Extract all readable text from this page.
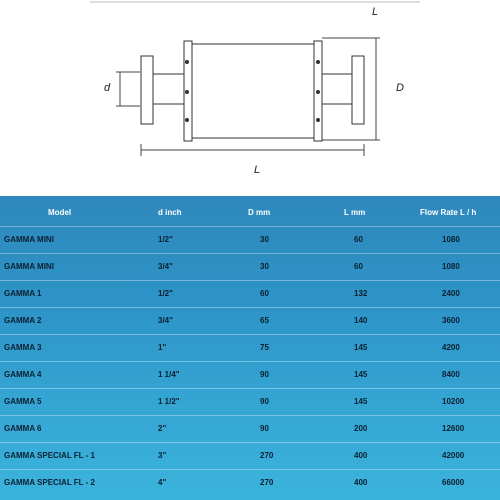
L
d	D
L
Model	d inch	D mm	L mm	Flow Rate L / h
GAMMA MINI	1/2"	30	60	1080
GAMMA MINI	3/4"	30	60	1080
GAMMA 1	1/2"	60	132	2400
GAMMA 2	3/4"	65	140	3600
GAMMA 3	1"	75	145	4200
GAMMA 4	1 1/4"	90	145	8400
GAMMA 5	1 1/2"	90	145	10200
GAMMA 6	2"	90	200	12600
GAMMA SPECIAL FL - 1	3"	270	400	42000
GAMMA SPECIAL FL - 2	4"	270	400	66000
